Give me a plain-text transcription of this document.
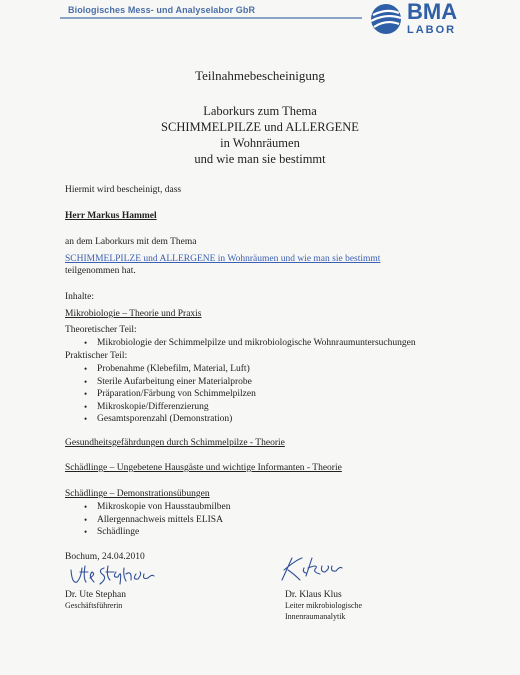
Biologisches Mess- und Analyselabor GbR	BMA
LABOR
Teilnahmebescheinigung
Laborkurs zum Thema
SCHIMMELPILZE und ALLERGENE
in Wohnräumen
und wie man sie bestimmt
Hiermit wird bescheinigt, dass
Herr Markus Hammel
an dem Laborkurs mit dem Thema
SCHIMMELPILZE und ALLERGENE in Wohnräumen und wie man sie bestimmt
teilgenommen hat.
Inhalte:
Mikrobiologie – Theorie und Praxis
Theoretischer Teil:
• Mikrobiologie der Schimmelpilze und mikrobiologische Wohnraumuntersuchungen
Praktischer Teil:
• Probenahme (Klebefilm, Material, Luft)
• Sterile Aufarbeitung einer Materialprobe
• Präparation/Färbung von Schimmelpilzen
• Mikroskopie/Differenzierung
• Gesamtsporenzahl (Demonstration)
Gesundheitsgefährdungen durch Schimmelpilze - Theorie
Schädlinge – Ungebetene Hausgäste und wichtige Informanten - Theorie
Schädlinge – Demonstrationsübungen
• Mikroskopie von Hausstaubmilben
• Allergennachweis mittels ELISA
• Schädlinge
Bochum, 24.04.2010
Dr. Ute Stephan
Geschäftsführerin
Dr. Klaus Klus
Leiter mikrobiologische
Innenraumanalytik
